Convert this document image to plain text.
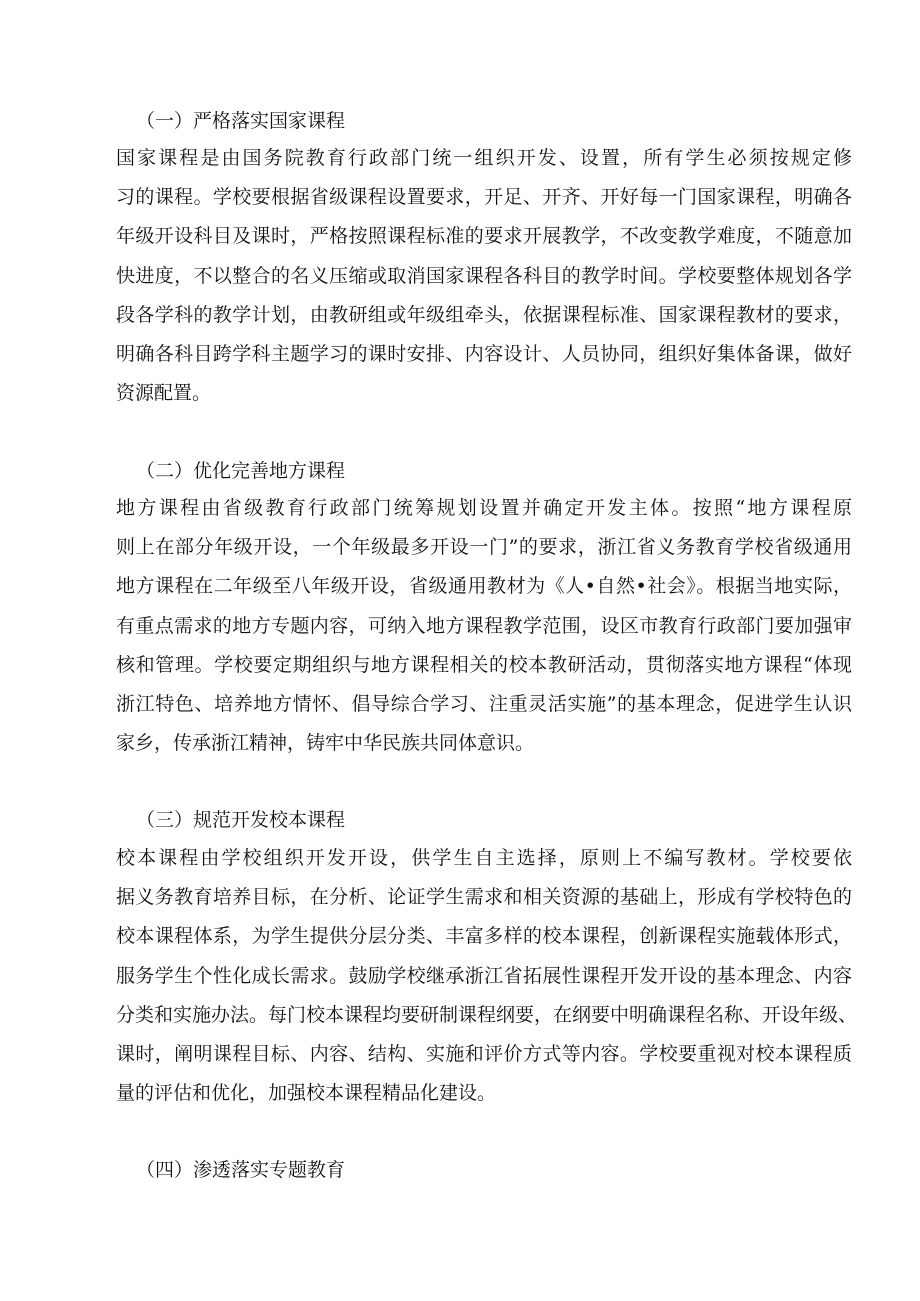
（一）严格落实国家课程
国家课程是由国务院教育行政部门统一组织开发、设置，所有学生必须按规定修
习的课程。学校要根据省级课程设置要求，开足、开齐、开好每一门国家课程，明确各
年级开设科目及课时，严格按照课程标准的要求开展教学，不改变教学难度，不随意加
快进度，不以整合的名义压缩或取消国家课程各科目的教学时间。学校要整体规划各学
段各学科的教学计划，由教研组或年级组牵头，依据课程标准、国家课程教材的要求，
明确各科目跨学科主题学习的课时安排、内容设计、人员协同，组织好集体备课，做好
资源配置。
（二）优化完善地方课程
地方课程由省级教育行政部门统筹规划设置并确定开发主体。按照“地方课程原
则上在部分年级开设，一个年级最多开设一门”的要求，浙江省义务教育学校省级通用
地方课程在二年级至八年级开设，省级通用教材为《人•自然•社会》。根据当地实际，
有重点需求的地方专题内容，可纳入地方课程教学范围，设区市教育行政部门要加强审
核和管理。学校要定期组织与地方课程相关的校本教研活动，贯彻落实地方课程“体现
浙江特色、培养地方情怀、倡导综合学习、注重灵活实施”的基本理念，促进学生认识
家乡，传承浙江精神，铸牢中华民族共同体意识。
（三）规范开发校本课程
校本课程由学校组织开发开设，供学生自主选择，原则上不编写教材。学校要依
据义务教育培养目标，在分析、论证学生需求和相关资源的基础上，形成有学校特色的
校本课程体系，为学生提供分层分类、丰富多样的校本课程，创新课程实施载体形式，
服务学生个性化成长需求。鼓励学校继承浙江省拓展性课程开发开设的基本理念、内容
分类和实施办法。每门校本课程均要研制课程纲要，在纲要中明确课程名称、开设年级、
课时，阐明课程目标、内容、结构、实施和评价方式等内容。学校要重视对校本课程质
量的评估和优化，加强校本课程精品化建设。
（四）渗透落实专题教育
